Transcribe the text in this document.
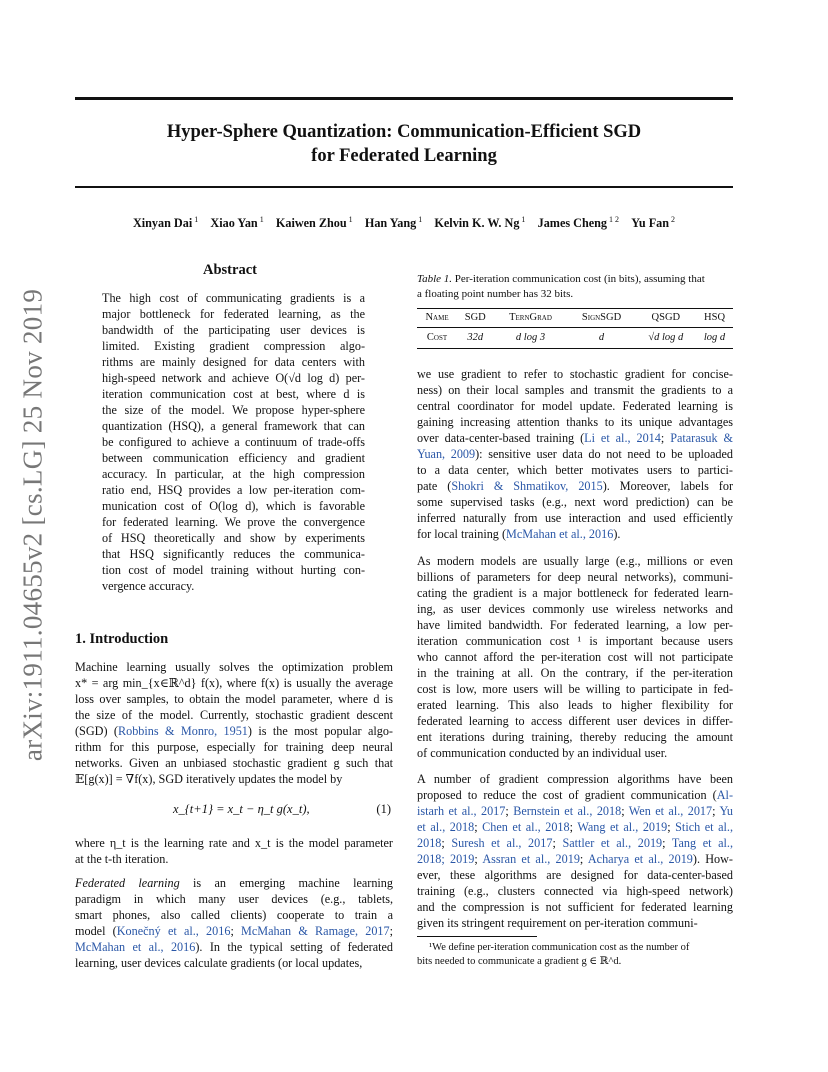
Hyper-Sphere Quantization: Communication-Efficient SGD
for Federated Learning
Xinyan Dai $^1$  Xiao Yan $^1$  Kaiwen Zhou $^1$  Han Yang $^1$  Kelvin K. W. Ng $^1$  James Cheng $^{1 2}$  Yu Fan $^2$
arXiv:1911.04655v2 [cs.LG] 25 Nov 2019
Abstract
The high cost of communicating gradients is a
major bottleneck for federated learning, as the
bandwidth of the participating user devices is
limited. Existing gradient compression algo-
rithms are mainly designed for data centers with
high-speed network and achieve O(√d log d) per-
iteration communication cost at best, where d is
the size of the model. We propose hyper-sphere
quantization (HSQ), a general framework that can
be configured to achieve a continuum of trade-offs
between communication efficiency and gradient
accuracy. In particular, at the high compression
ratio end, HSQ provides a low per-iteration com-
munication cost of O(log d), which is favorable
for federated learning. We prove the convergence
of HSQ theoretically and show by experiments
that HSQ significantly reduces the communica-
tion cost of model training without hurting con-
vergence accuracy.
1. Introduction
Machine learning usually solves the optimization problem
x* = arg min_{x∈ℝ^d} f(x), where f(x) is usually the average
loss over samples, to obtain the model parameter, where d is
the size of the model. Currently, stochastic gradient descent
(SGD) (Robbins & Monro, 1951) is the most popular algo-
rithm for this purpose, especially for training deep neural
networks. Given an unbiased stochastic gradient g such that
𝔼[g(x)] = ∇f(x), SGD iteratively updates the model by
x_{t+1} = x_t − η_t g(x_t),	(1)
where η_t is the learning rate and x_t is the model parameter
at the t-th iteration.
Federated learning is an emerging machine learning
paradigm in which many user devices (e.g., tablets,
smart phones, also called clients) cooperate to train a
model (Konečný et al., 2016; McMahan & Ramage, 2017;
McMahan et al., 2016). In the typical setting of federated
learning, user devices calculate gradients (or local updates,
Table 1. Per-iteration communication cost (in bits), assuming that
a floating point number has 32 bits.
Name	SGD	TernGrad	SignSGD	QSGD	HSQ
Cost	32d	d log 3	d	√d log d	log d
we use gradient to refer to stochastic gradient for concise-
ness) on their local samples and transmit the gradients to a
central coordinator for model update. Federated learning is
gaining increasing attention thanks to its unique advantages
over data-center-based training (Li et al., 2014; Patarasuk &
Yuan, 2009): sensitive user data do not need to be uploaded
to a data center, which better motivates users to partici-
pate (Shokri & Shmatikov, 2015). Moreover, labels for
some supervised tasks (e.g., next word prediction) can be
inferred naturally from use interaction and used efficiently
for local training (McMahan et al., 2016).
As modern models are usually large (e.g., millions or even
billions of parameters for deep neural networks), communi-
cating the gradient is a major bottleneck for federated learn-
ing, as user devices commonly use wireless networks and
have limited bandwidth. For federated learning, a low per-
iteration communication cost ¹ is important because users
who cannot afford the per-iteration cost will not participate
in the training at all. On the contrary, if the per-iteration
cost is low, more users will be willing to participate in fed-
erated learning. This also leads to higher flexibility for
federated learning to access different user devices in differ-
ent iterations during training, thereby reducing the amount
of communication conducted by an individual user.
A number of gradient compression algorithms have been
proposed to reduce the cost of gradient communication (Al-
istarh et al., 2017; Bernstein et al., 2018; Wen et al., 2017; Yu
et al., 2018; Chen et al., 2018; Wang et al., 2019; Stich et al.,
2018; Suresh et al., 2017; Sattler et al., 2019; Tang et al.,
2018; 2019; Assran et al., 2019; Acharya et al., 2019). How-
ever, these algorithms are designed for data-center-based
training (e.g., clusters connected via high-speed network)
and the compression is not sufficient for federated learning
given its stringent requirement on per-iteration communi-
¹We define per-iteration communication cost as the number of
bits needed to communicate a gradient g ∈ ℝ^d.
